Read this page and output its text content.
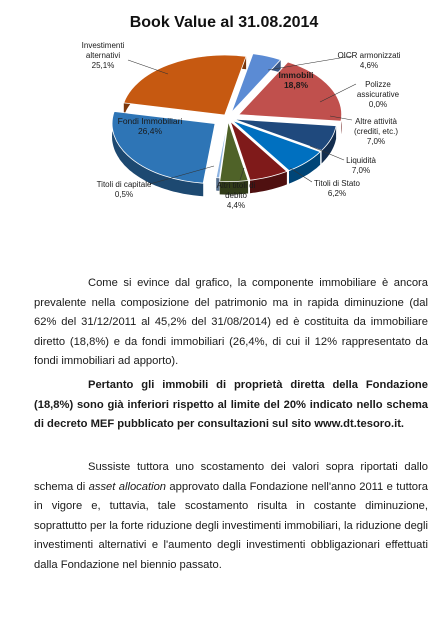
Book Value al 31.08.2014
OICR armonizzati 4,6%
Immobili 18,8%	Polizze assicurative 0,0%
Altre attività (crediti, etc.) 7,0%
Liquidità 7,0%
Titoli di Stato 6,2%
Altri titoli di debito 4,4%
Titoli di capitale 0,5%
Fondi Immobiliari 26,4%
Investimenti alternativi 25,1%

Come si evince dal grafico, la componente immobiliare è ancora prevalente nella composizione del patrimonio ma in rapida diminuzione (dal 62% del 31/12/2011 al 45,2% del 31/08/2014) ed è costituita da immobiliare diretto (18,8%) e da fondi immobiliari (26,4%, di cui il 12% rappresentato da fondi immobiliari ad apporto).

Pertanto gli immobili di proprietà diretta della Fondazione (18,8%) sono già inferiori rispetto al limite del 20% indicato nello schema di decreto MEF pubblicato per consultazioni sul sito www.dt.tesoro.it.

Sussiste tuttora uno scostamento dei valori sopra riportati dallo schema di asset allocation approvato dalla Fondazione nell'anno 2011 e tuttora in vigore e, tuttavia, tale scostamento risulta in costante diminuzione, soprattutto per la forte riduzione degli investimenti immobiliari, la riduzione degli investimenti alternativi e l'aumento degli investimenti obbligazionari effettuati dalla Fondazione nel biennio passato.
